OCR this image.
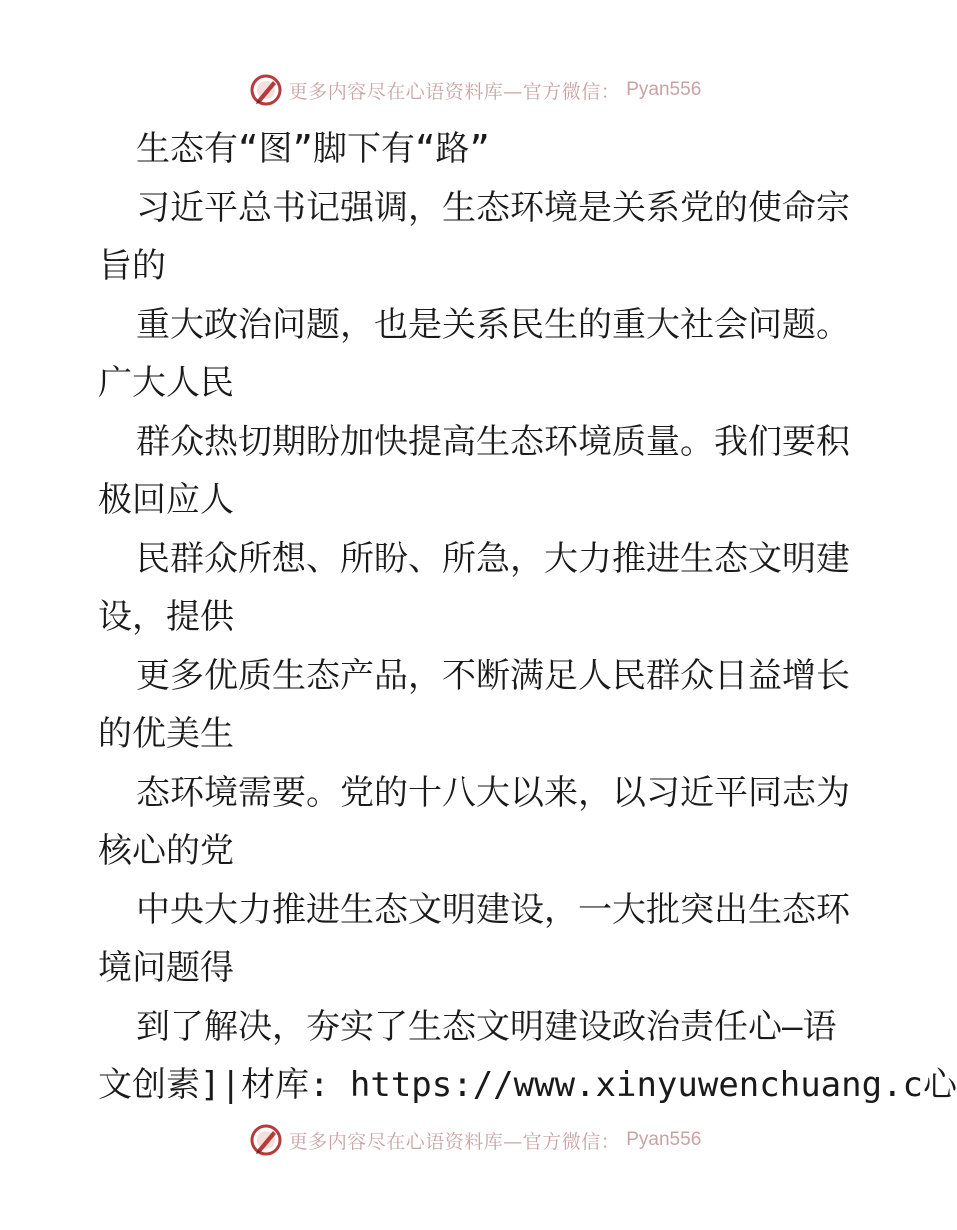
更多内容尽在心语资料库—官方微信： Pyan556
生态有“图”脚下有“路”
习近平总书记强调，生态环境是关系党的使命宗
旨的
重大政治问题，也是关系民生的重大社会问题。
广大人民
群众热切期盼加快提高生态环境质量。我们要积
极回应人
民群众所想、所盼、所急，大力推进生态文明建
设，提供
更多优质生态产品，不断满足人民群众日益增长
的优美生
态环境需要。党的十八大以来，以习近平同志为
核心的党
中央大力推进生态文明建设，一大批突出生态环
境问题得
到了解决，夯实了生态文明建设政治责任心—语
文创素]|材库: https://www.xinyuwenchuang.c心
更多内容尽在心语资料库—官方微信： Pyan556
